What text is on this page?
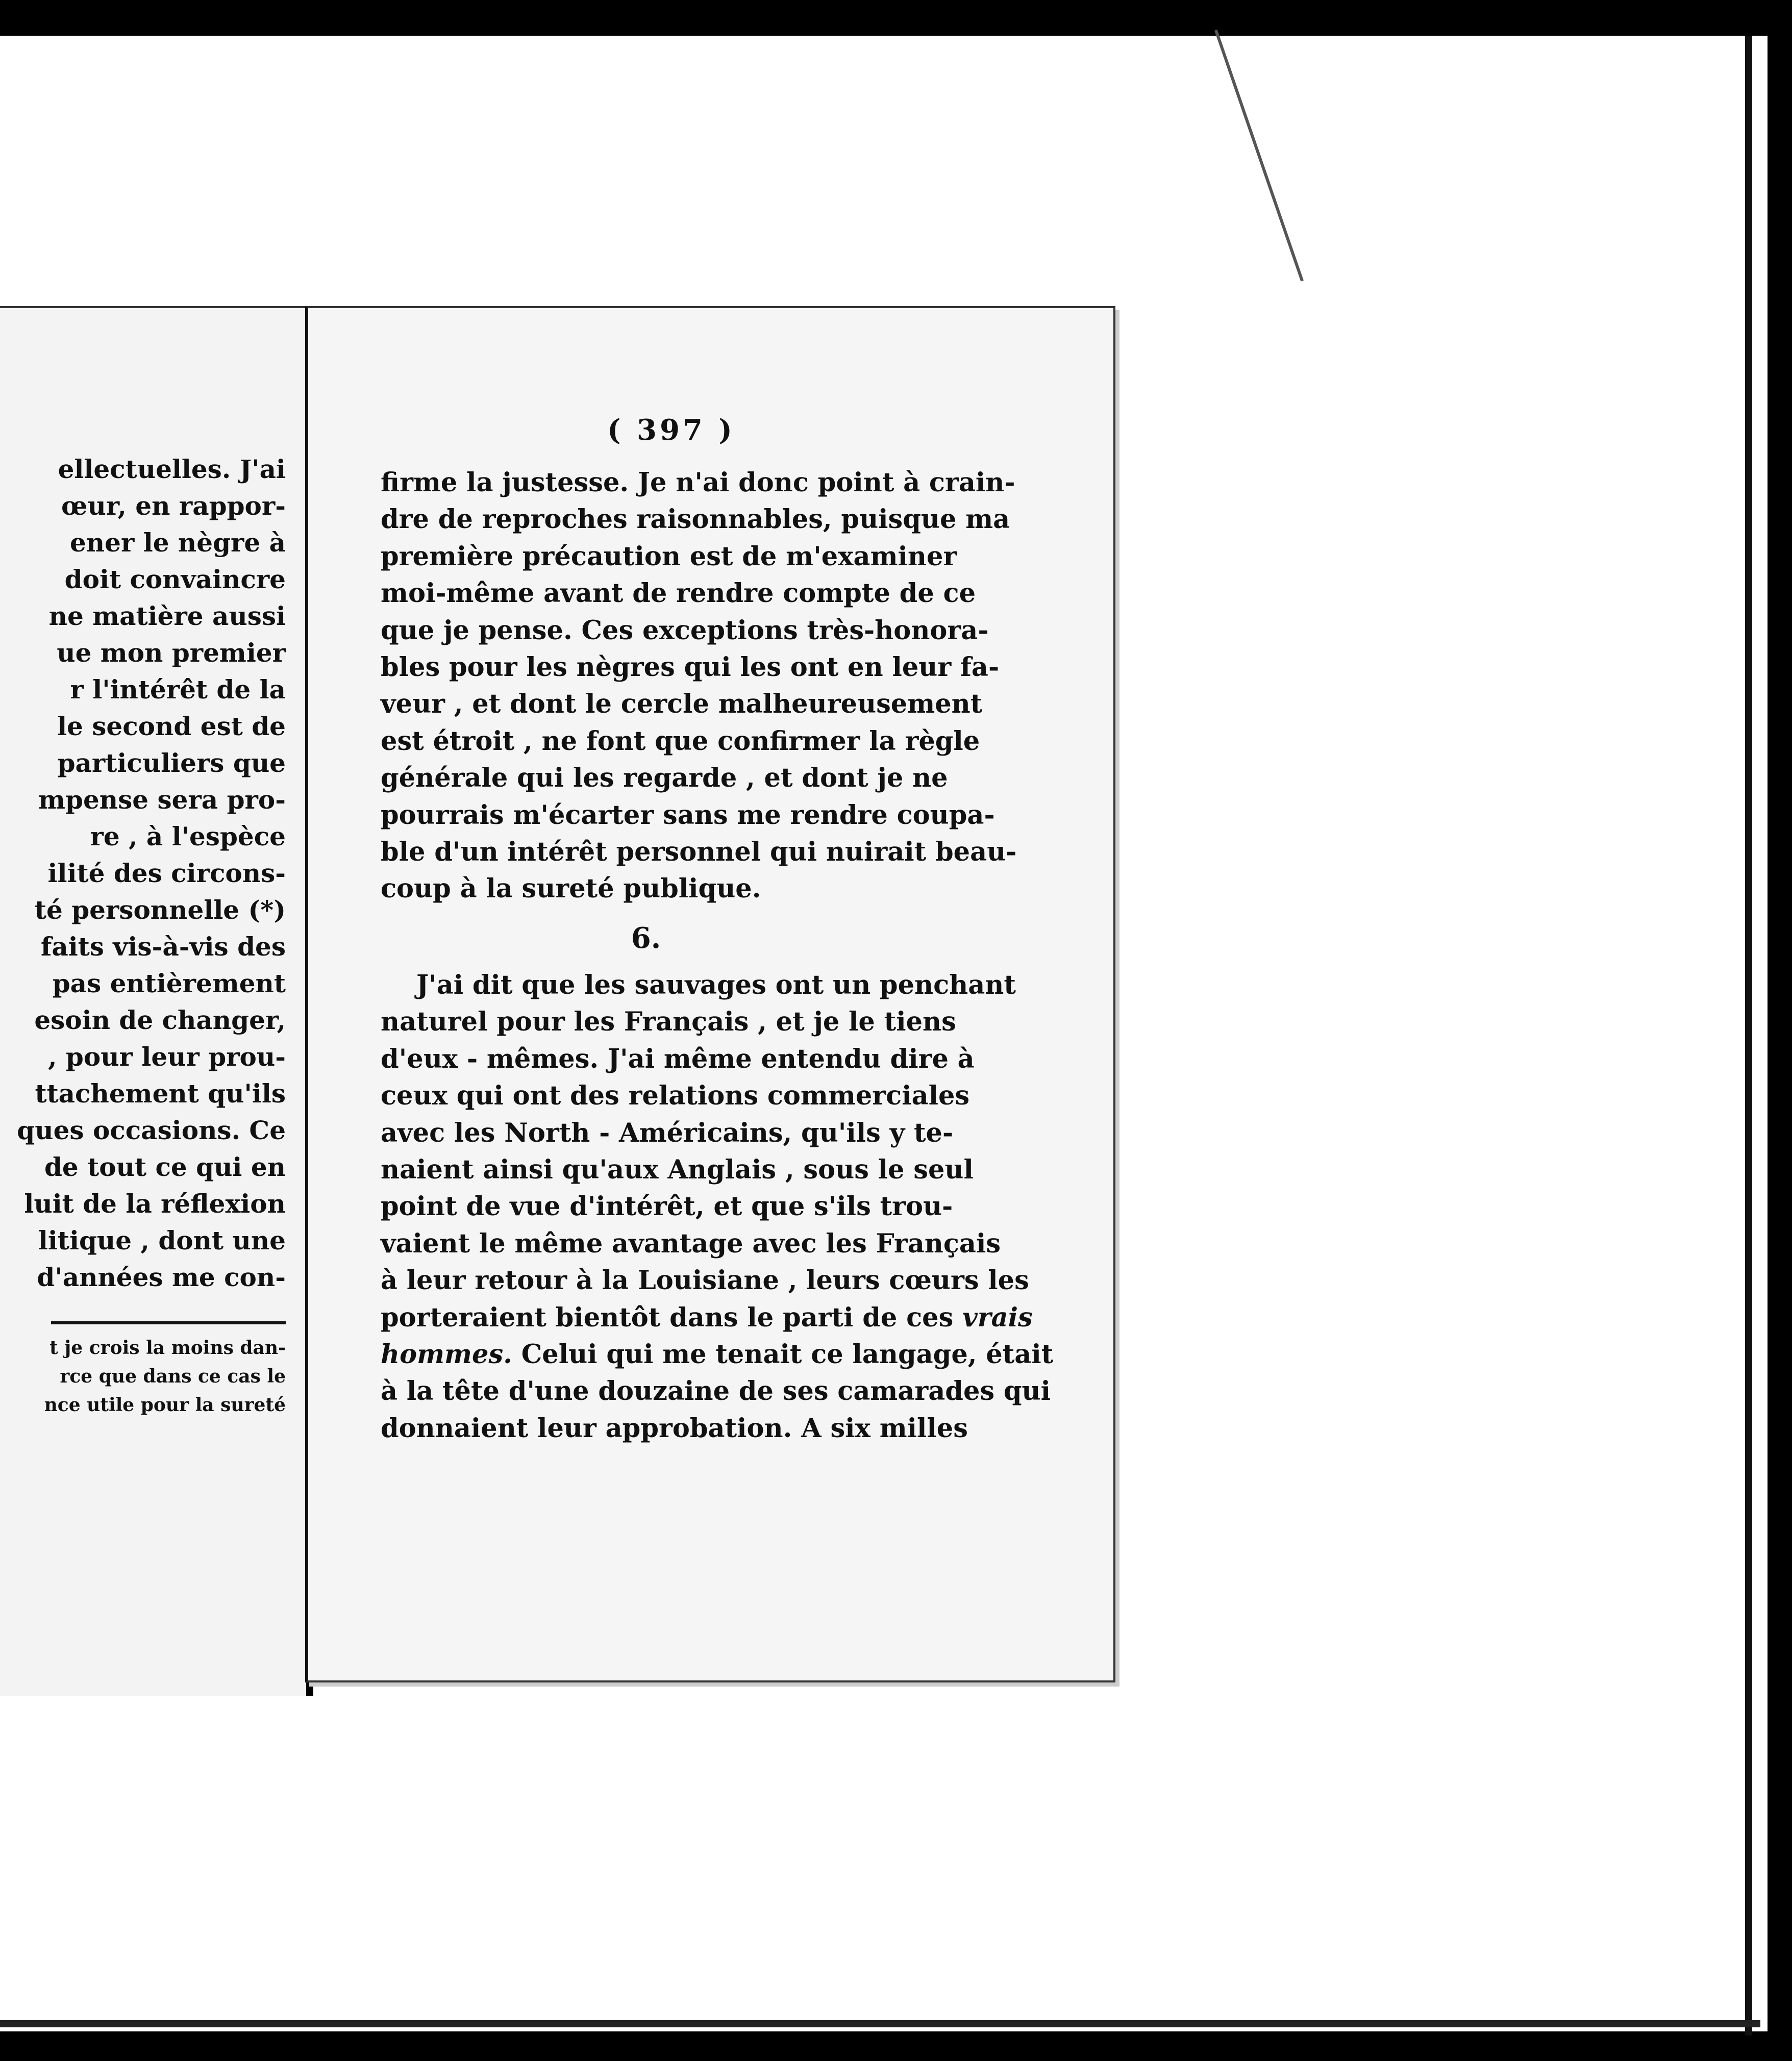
ellectuelles. J'ai
œur, en rappor-
ener le nègre à
doit convaincre
ne matière aussi
ue mon premier
r l'intérêt de la
le second est de
particuliers que
mpense sera pro-
re , à l'espèce
ilité des circons-
té personnelle (*)
faits vis-à-vis des
pas entièrement
esoin de changer,
, pour leur prou-
ttachement qu'ils
ques occasions. Ce
de tout ce qui en
luit de la réflexion
litique , dont une
d'années me con-
t je crois la moins dan-
rce que dans ce cas le
nce utile pour la sureté
( 397 )
firme la justesse. Je n'ai donc point à crain-
dre de reproches raisonnables, puisque ma
première précaution est de m'examiner
moi-même avant de rendre compte de ce
que je pense. Ces exceptions très-honora-
bles pour les nègres qui les ont en leur fa-
veur , et dont le cercle malheureusement
est étroit , ne font que confirmer la règle
générale qui les regarde , et dont je ne
pourrais m'écarter sans me rendre coupa-
ble d'un intérêt personnel qui nuirait beau-
coup à la sureté publique.
6.
J'ai dit que les sauvages ont un penchant
naturel pour les Français , et je le tiens
d'eux - mêmes. J'ai même entendu dire à
ceux qui ont des relations commerciales
avec les North - Américains, qu'ils y te-
naient ainsi qu'aux Anglais , sous le seul
point de vue d'intérêt, et que s'ils trou-
vaient le même avantage avec les Français
à leur retour à la Louisiane , leurs cœurs les
porteraient bientôt dans le parti de ces vrais
hommes. Celui qui me tenait ce langage, était
à la tête d'une douzaine de ses camarades qui
donnaient leur approbation. A six milles
